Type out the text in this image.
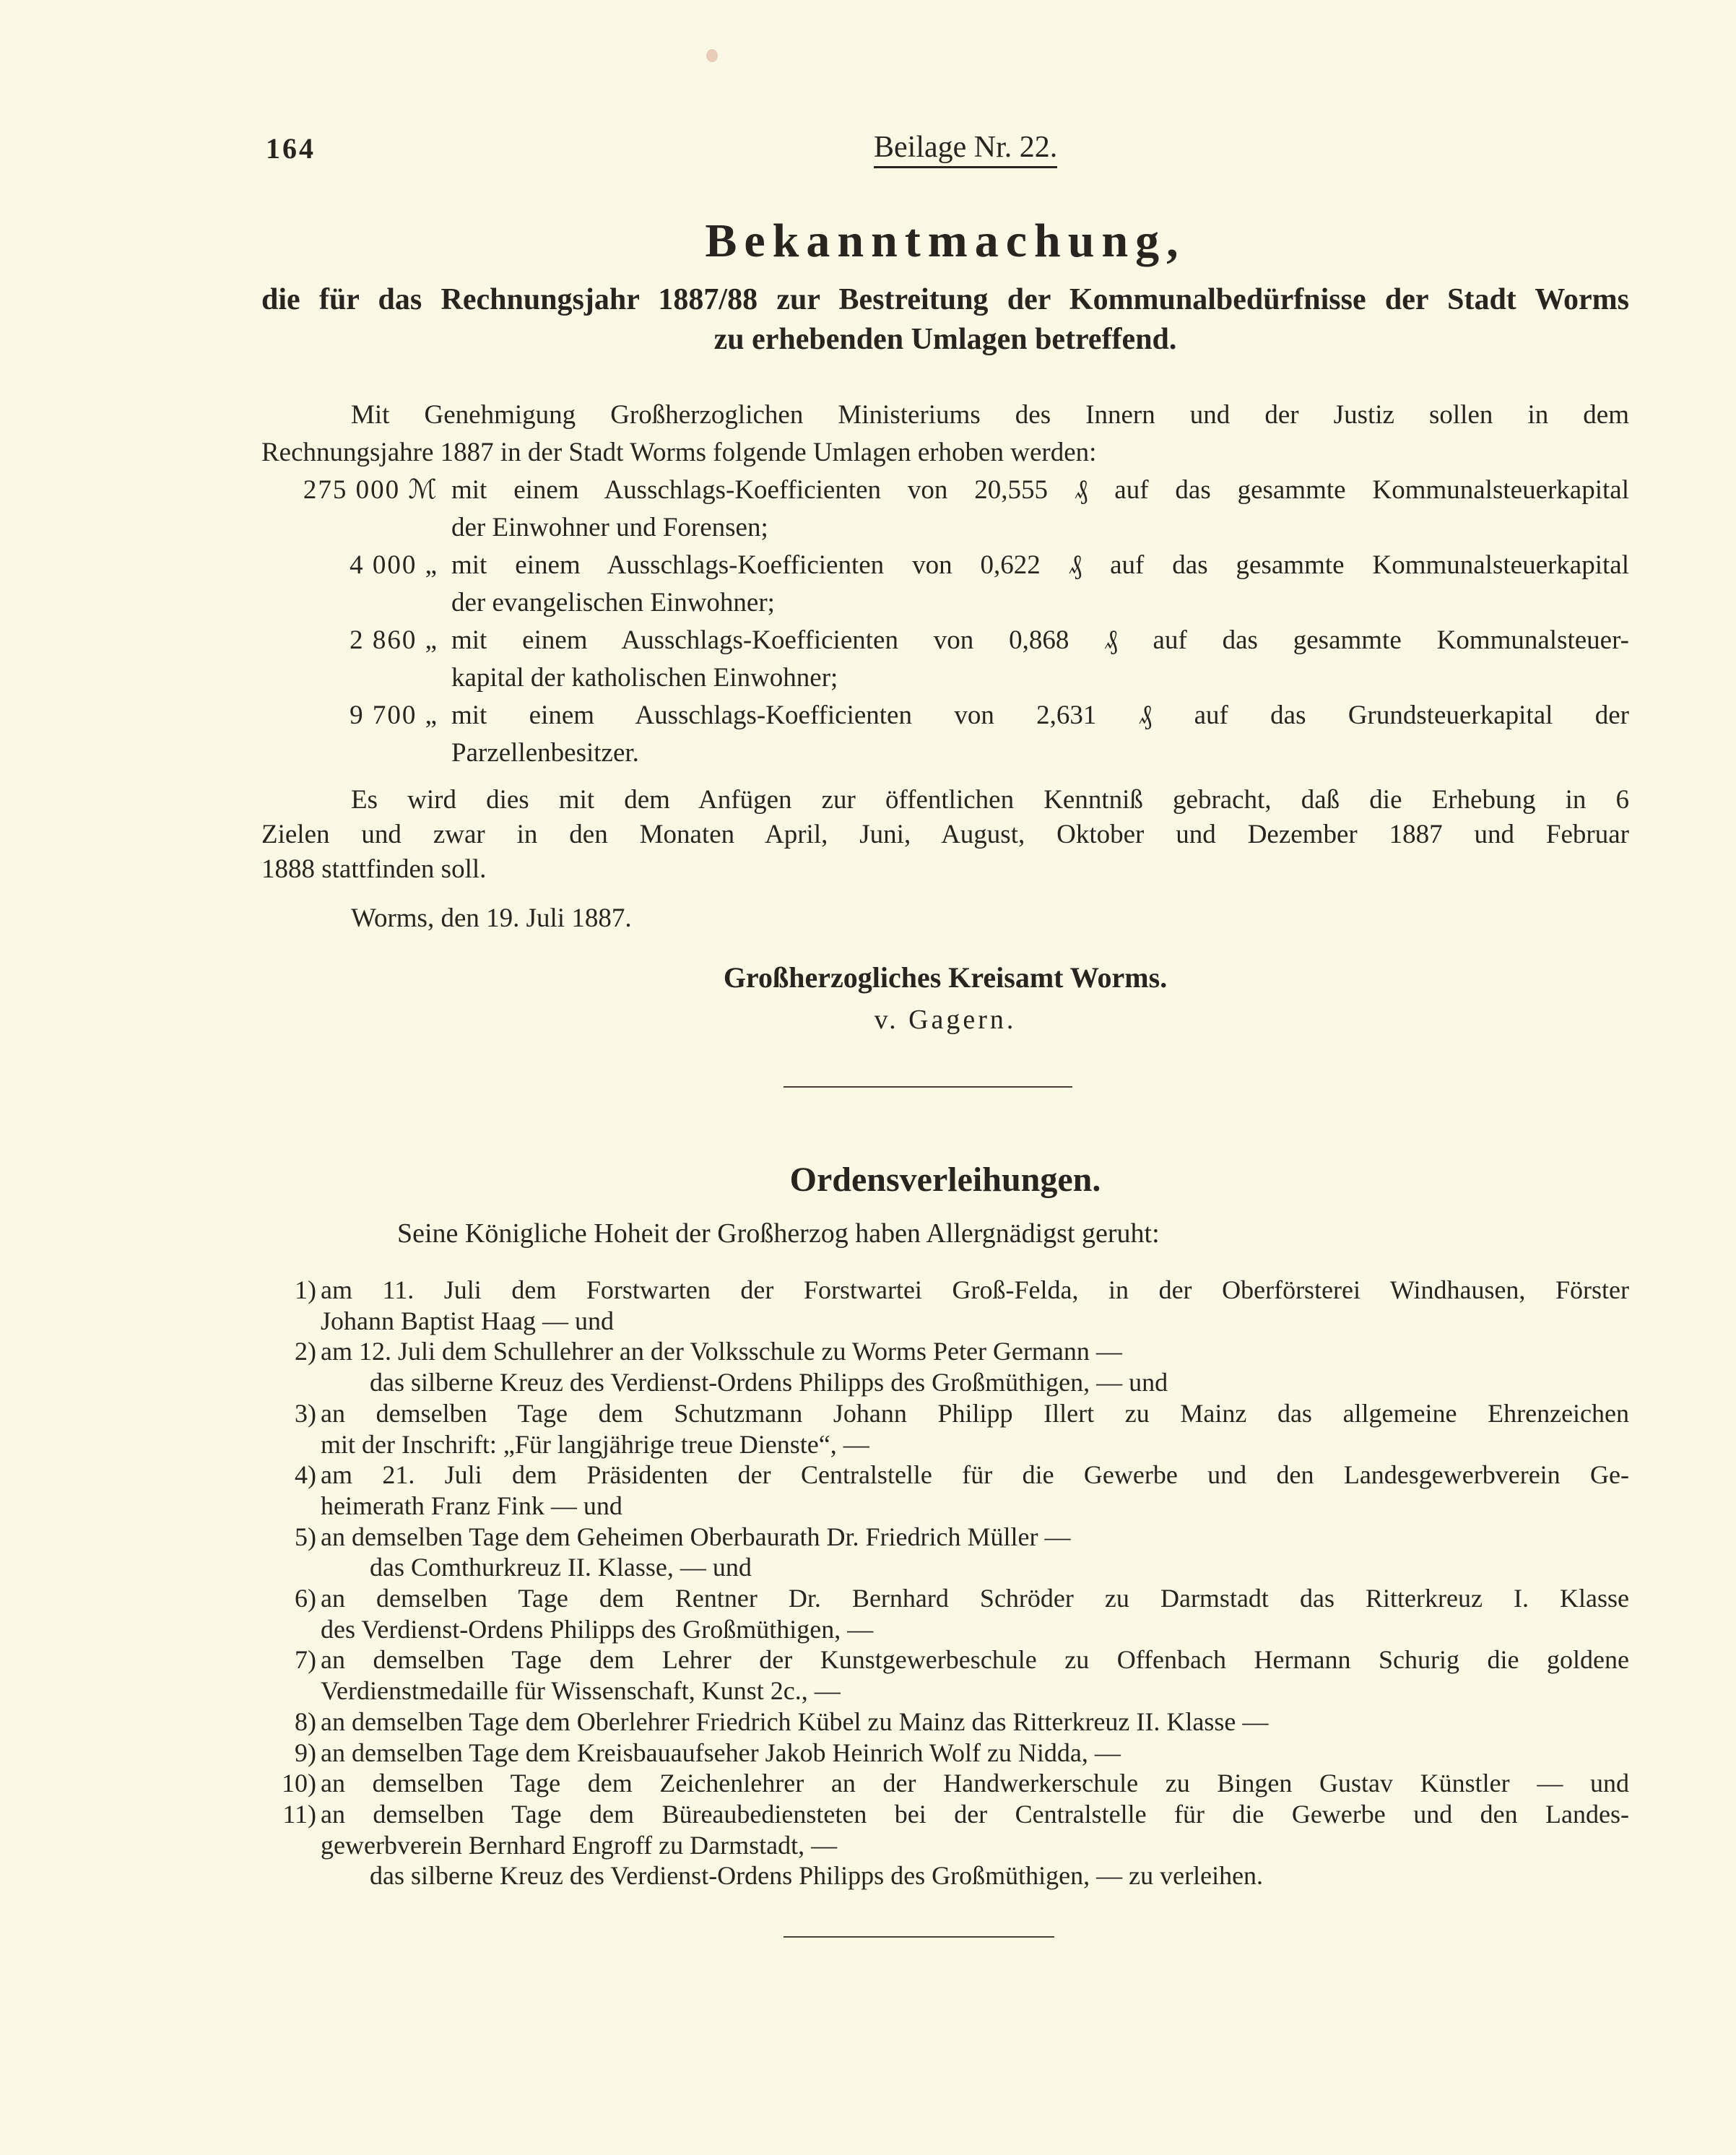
164	Beilage Nr. 22.
Bekanntmachung,
die für das Rechnungsjahr 1887/88 zur Bestreitung der Kommunalbedürfnisse der Stadt Worms
zu erhebenden Umlagen betreffend.
Mit Genehmigung Großherzoglichen Ministeriums des Innern und der Justiz sollen in dem
Rechnungsjahre 1887 in der Stadt Worms folgende Umlagen erhoben werden:
275 000 ℳ mit einem Ausschlags-Koefficienten von 20,555 ₰ auf das gesammte Kommunalsteuerkapital
der Einwohner und Forensen;
4 000 „ mit einem Ausschlags-Koefficienten von 0,622 ₰ auf das gesammte Kommunalsteuerkapital
der evangelischen Einwohner;
2 860 „ mit einem Ausschlags-Koefficienten von 0,868 ₰ auf das gesammte Kommunalsteuer-
kapital der katholischen Einwohner;
9 700 „ mit einem Ausschlags-Koefficienten von 2,631 ₰ auf das Grundsteuerkapital der
Parzellenbesitzer.
Es wird dies mit dem Anfügen zur öffentlichen Kenntniß gebracht, daß die Erhebung in 6
Zielen und zwar in den Monaten April, Juni, August, Oktober und Dezember 1887 und Februar
1888 stattfinden soll.
Worms, den 19. Juli 1887.
Großherzogliches Kreisamt Worms.
v. Gagern.
Ordensverleihungen.
Seine Königliche Hoheit der Großherzog haben Allergnädigst geruht:
1) am 11. Juli dem Forstwarten der Forstwartei Groß-Felda, in der Oberförsterei Windhausen, Förster
Johann Baptist Haag — und
2) am 12. Juli dem Schullehrer an der Volksschule zu Worms Peter Germann —
das silberne Kreuz des Verdienst-Ordens Philipps des Großmüthigen, — und
3) an demselben Tage dem Schutzmann Johann Philipp Illert zu Mainz das allgemeine Ehrenzeichen
mit der Inschrift: „Für langjährige treue Dienste“, —
4) am 21. Juli dem Präsidenten der Centralstelle für die Gewerbe und den Landesgewerbverein Ge-
heimerath Franz Fink — und
5) an demselben Tage dem Geheimen Oberbaurath Dr. Friedrich Müller —
das Comthurkreuz II. Klasse, — und
6) an demselben Tage dem Rentner Dr. Bernhard Schröder zu Darmstadt das Ritterkreuz I. Klasse
des Verdienst-Ordens Philipps des Großmüthigen, —
7) an demselben Tage dem Lehrer der Kunstgewerbeschule zu Offenbach Hermann Schurig die goldene
Verdienstmedaille für Wissenschaft, Kunst 2c., —
8) an demselben Tage dem Oberlehrer Friedrich Kübel zu Mainz das Ritterkreuz II. Klasse —
9) an demselben Tage dem Kreisbauaufseher Jakob Heinrich Wolf zu Nidda, —
10) an demselben Tage dem Zeichenlehrer an der Handwerkerschule zu Bingen Gustav Künstler — und
11) an demselben Tage dem Büreaubediensteten bei der Centralstelle für die Gewerbe und den Landes-
gewerbverein Bernhard Engroff zu Darmstadt, —
das silberne Kreuz des Verdienst-Ordens Philipps des Großmüthigen, — zu verleihen.
